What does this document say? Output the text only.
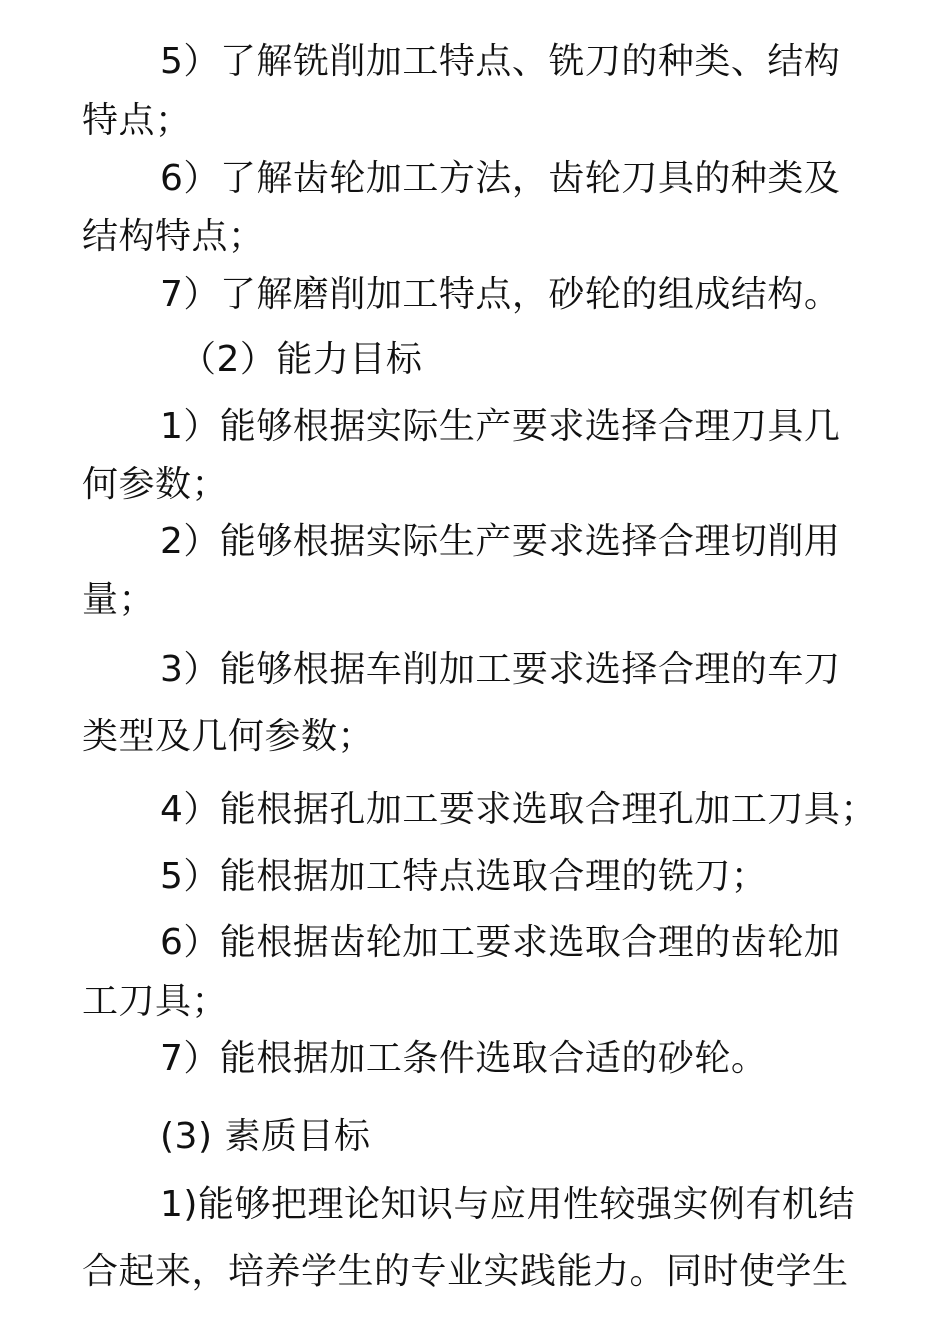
5）了解铣削加工特点、铣刀的种类、结构
特点；
6）了解齿轮加工方法，齿轮刀具的种类及
结构特点；
7）了解磨削加工特点，砂轮的组成结构。
（2）能力目标
1）能够根据实际生产要求选择合理刀具几
何参数；
2）能够根据实际生产要求选择合理切削用
量；
3）能够根据车削加工要求选择合理的车刀
类型及几何参数；
4）能根据孔加工要求选取合理孔加工刀具；
5）能根据加工特点选取合理的铣刀；
6）能根据齿轮加工要求选取合理的齿轮加
工刀具；
7）能根据加工条件选取合适的砂轮。
(3) 素质目标
1)能够把理论知识与应用性较强实例有机结
合起来，培养学生的专业实践能力。同时使学生
